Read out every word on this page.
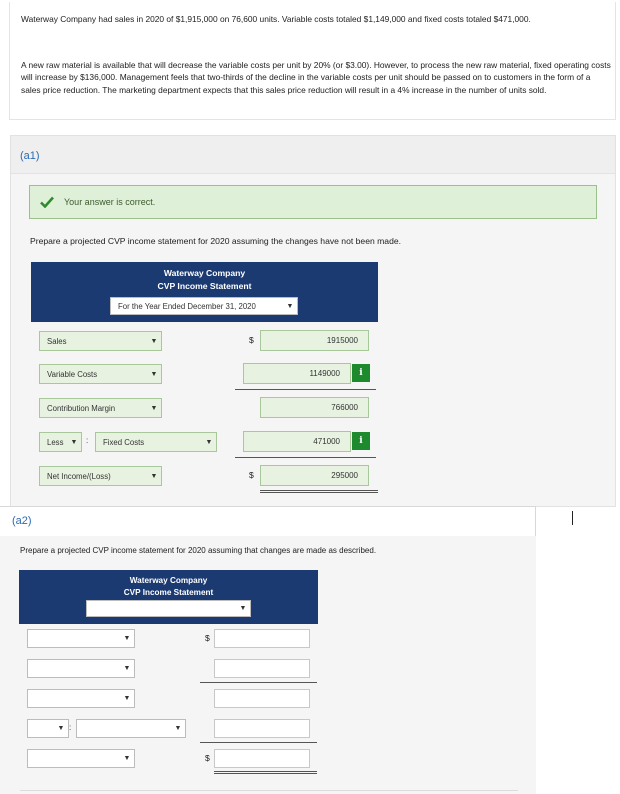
Waterway Company had sales in 2020 of $1,915,000 on 76,600 units. Variable costs totaled $1,149,000 and fixed costs totaled $471,000.

A new raw material is available that will decrease the variable costs per unit by 20% (or $3.00). However, to process the new raw material, fixed operating costs will increase by $136,000. Management feels that two-thirds of the decline in the variable costs per unit should be passed on to customers in the form of a sales price reduction. The marketing department expects that this sales price reduction will result in a 4% increase in the number of units sold.

(a1)
Your answer is correct.
Prepare a projected CVP income statement for 2020 assuming the changes have not been made.
Waterway Company
CVP Income Statement
For the Year Ended December 31, 2020	▼
Sales	▼	$	1915000
Variable Costs	▼	1149000 i
Contribution Margin	▼	766000
Less	▼	: Fixed Costs	▼	471000 i
Net Income/(Loss)	▼	$	295000
(a2)
Prepare a projected CVP income statement for 2020 assuming that changes are made as described.
Waterway Company
CVP Income Statement
▼
▼	$
▼
▼
▼ :	▼
▼	$
